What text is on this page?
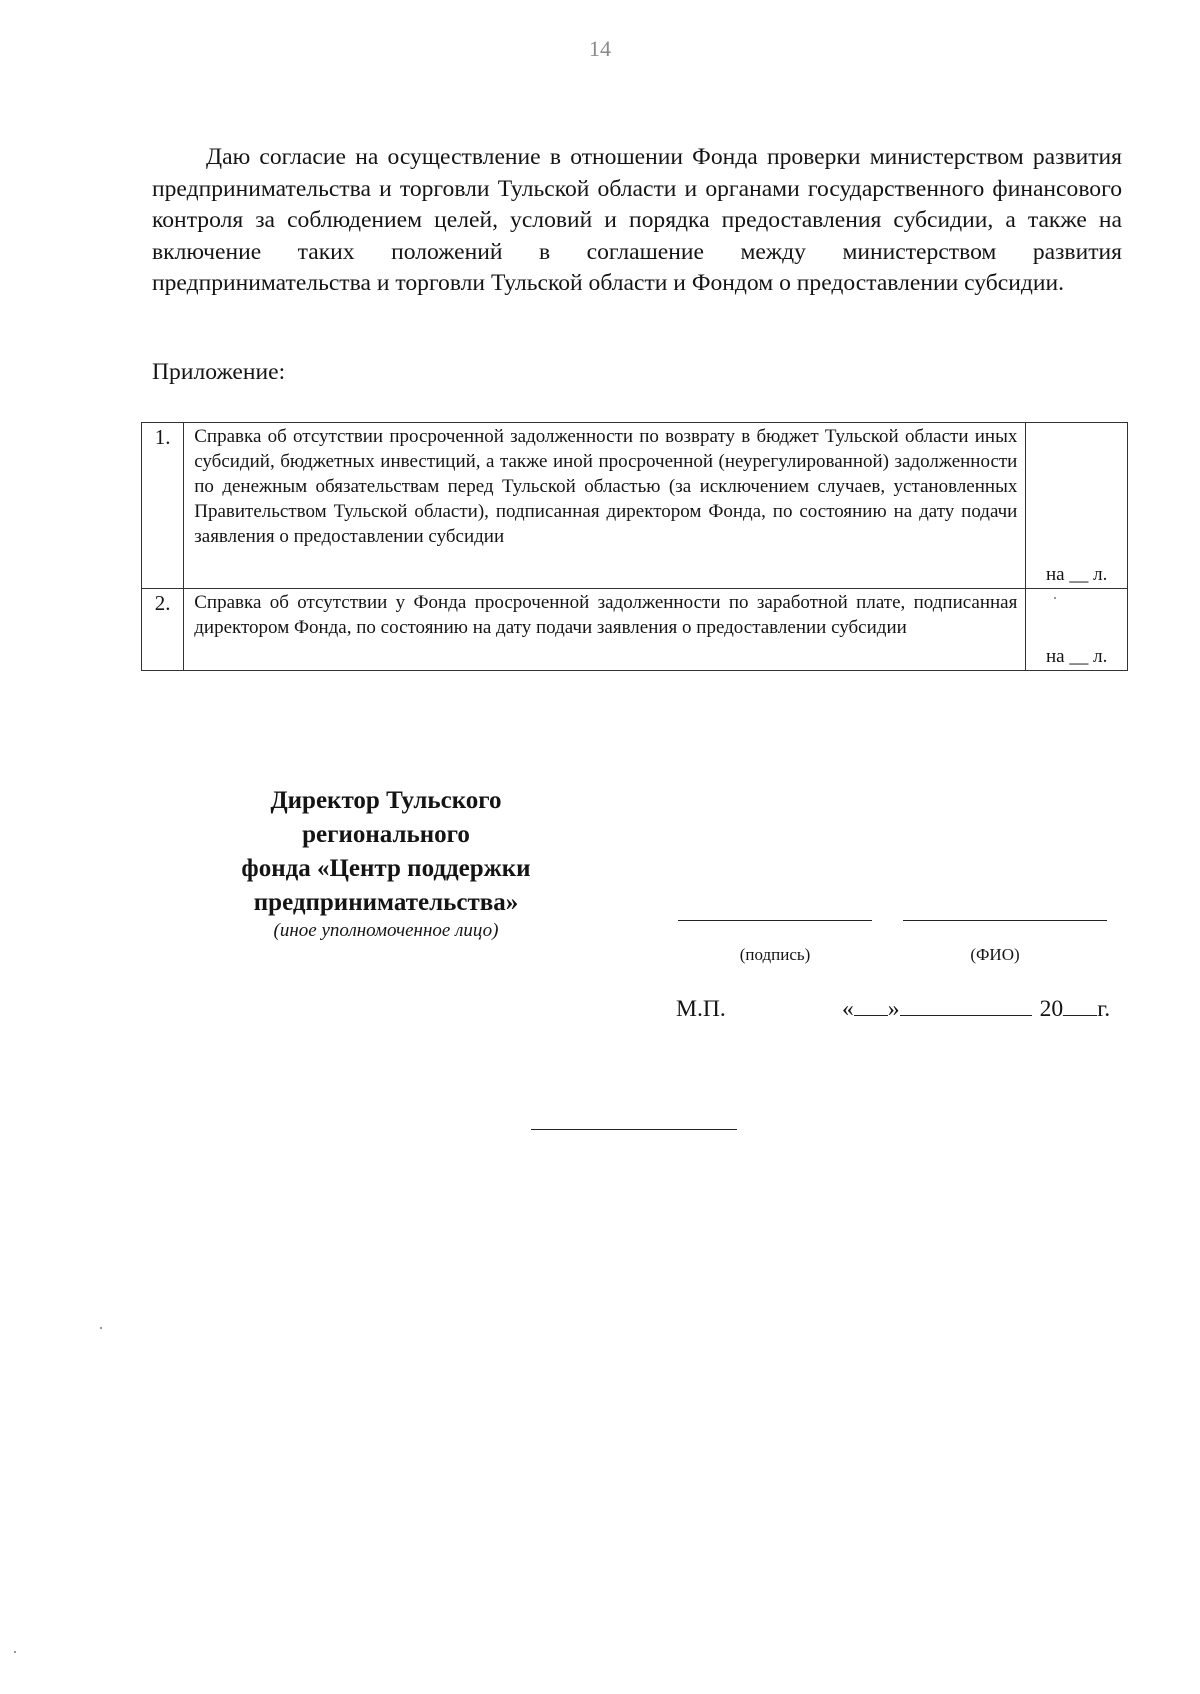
14

Даю согласие на осуществление в отношении Фонда проверки министерством развития предпринимательства и торговли Тульской области и органами государственного финансового контроля за соблюдением целей, условий и порядка предоставления субсидии, а также на включение таких положений в соглашение между министерством развития предпринимательства и торговли Тульской области и Фондом о предоставлении субсидии.

Приложение:
1.	Справка об отсутствии просроченной задолженности по возврату в бюджет Тульской области иных субсидий, бюджетных инвестиций, а также иной просроченной (неурегулированной) задолженности по денежным обязательствам перед Тульской областью (за исключением случаев, установленных Правительством Тульской области), подписанная директором Фонда, по состоянию на дату подачи заявления о предоставлении субсидии	на __ л.
2.	Справка об отсутствии у Фонда просроченной задолженности по заработной плате, подписанная директором Фонда, по состоянию на дату подачи заявления о предоставлении субсидии	на __ л.
Директор Тульского
регионального
фонда «Центр поддержки
предпринимательства»
(иное уполномоченное лицо)
(подпись)	(ФИО)
М.П.	« »	20 г.
